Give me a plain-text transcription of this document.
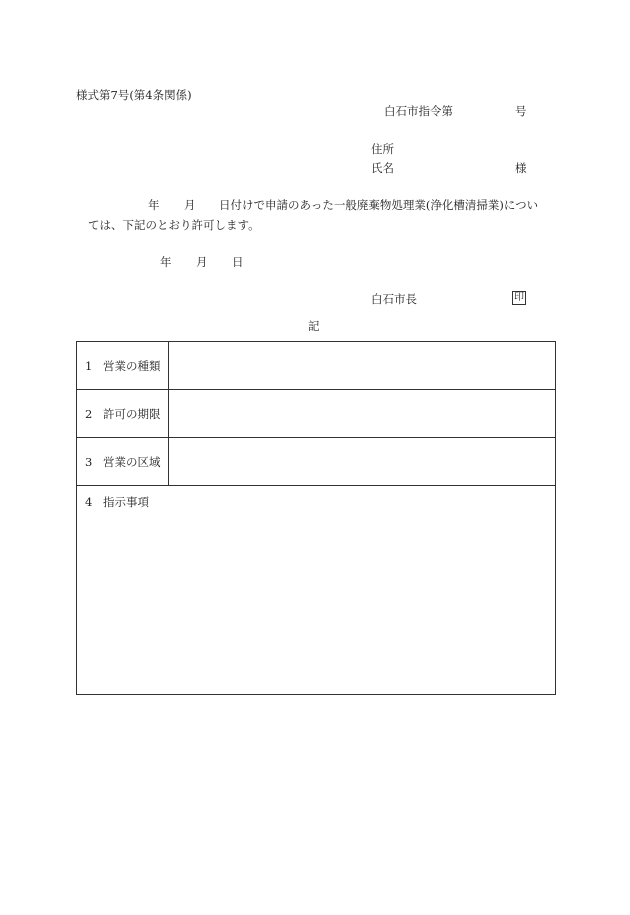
様式第7号(第4条関係)
白石市指令第	号
住所
氏名	様
年 月 日付けで申請のあった一般廃棄物処理業(浄化槽清掃業)につい
ては、下記のとおり許可します。
年 月 日
白石市長	印
記
1 営業の種類
2 許可の期限
3 営業の区域
4 指示事項
